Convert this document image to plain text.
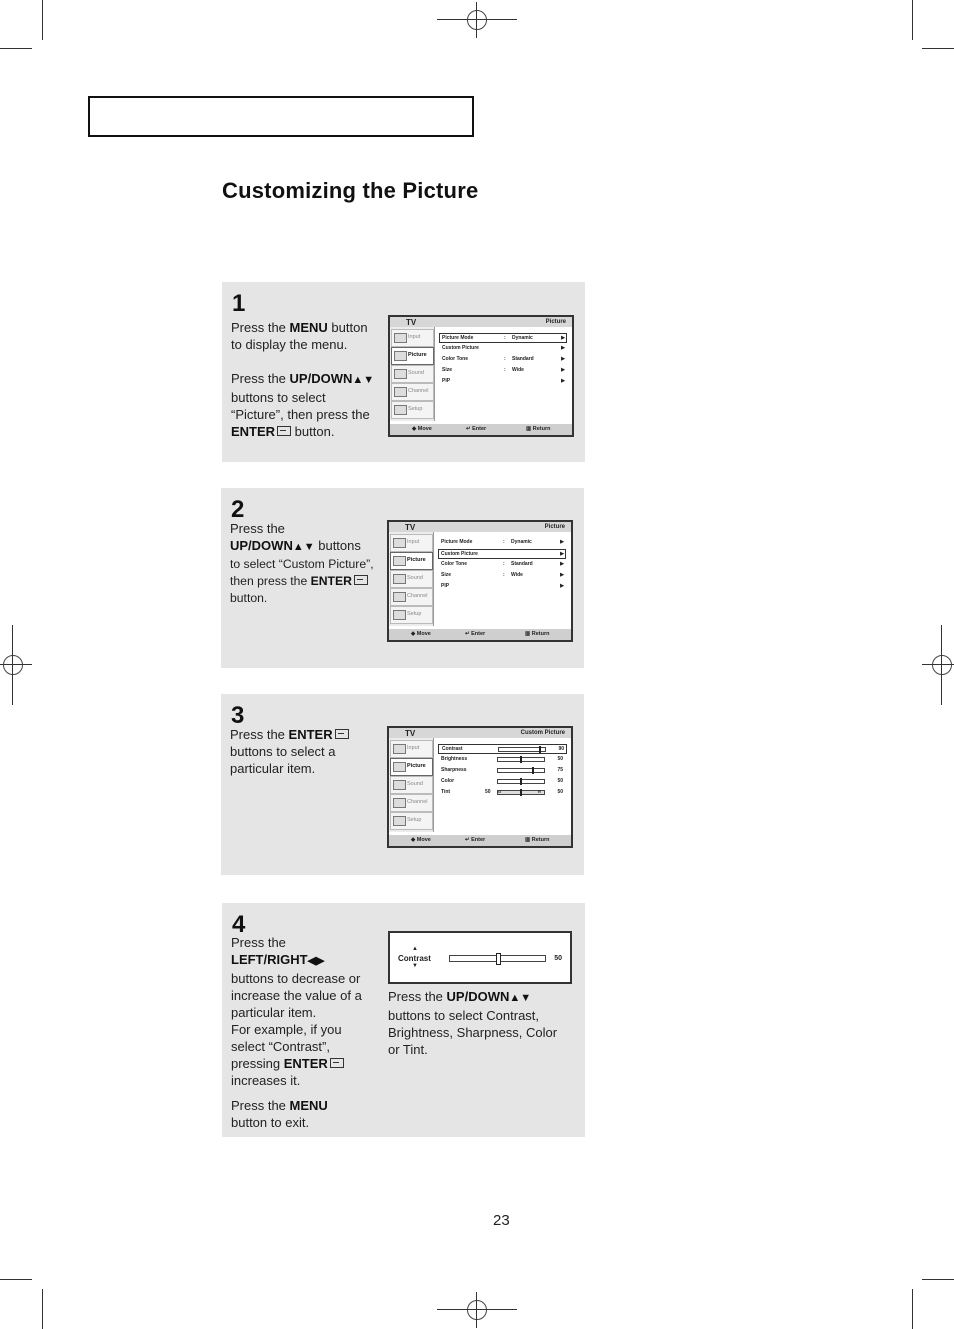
Customizing the Picture
1

Press the MENU button to display the menu.

Press the UP/DOWN▲▼ buttons to select “Picture”, then press the ENTER button.

TV	Picture
Input
Picture
Sound
Channel
Setup
Picture Mode	: Dynamic	▶
Custom Picture	▶
Color Tone	: Standard	▶
Size	: Wide	▶
PIP	▶
◆ Move	↵ Enter	▥ Return
2

Press the

UP/DOWN▲▼ buttons

to select “Custom Picture”,

then press the ENTER

button.

TV	Picture
Input
Picture
Sound
Channel
Setup
Picture Mode	: Dynamic	▶
Custom Picture	▶
Color Tone	: Standard	▶
Size	: Wide	▶
PIP	▶
◆ Move	↵ Enter	▥ Return
3

Press the ENTER buttons to select a particular item.

TV	Custom Picture
Input
Picture
Sound
Channel
Setup
Contrast	90
Brightness	50
Sharpness	75
Color	50
Tint	50 G	R	50
◆ Move	↵ Enter	▥ Return
4

Press the

LEFT/RIGHT◀▶

buttons to decrease or increase the value of a particular item.

For example, if you select “Contrast”, pressing ENTER

increases it.

Press the MENU

button to exit.

▲
Contrast
▼
50

Press the UP/DOWN▲▼

buttons to select Contrast, Brightness, Sharpness, Color or Tint.

23
